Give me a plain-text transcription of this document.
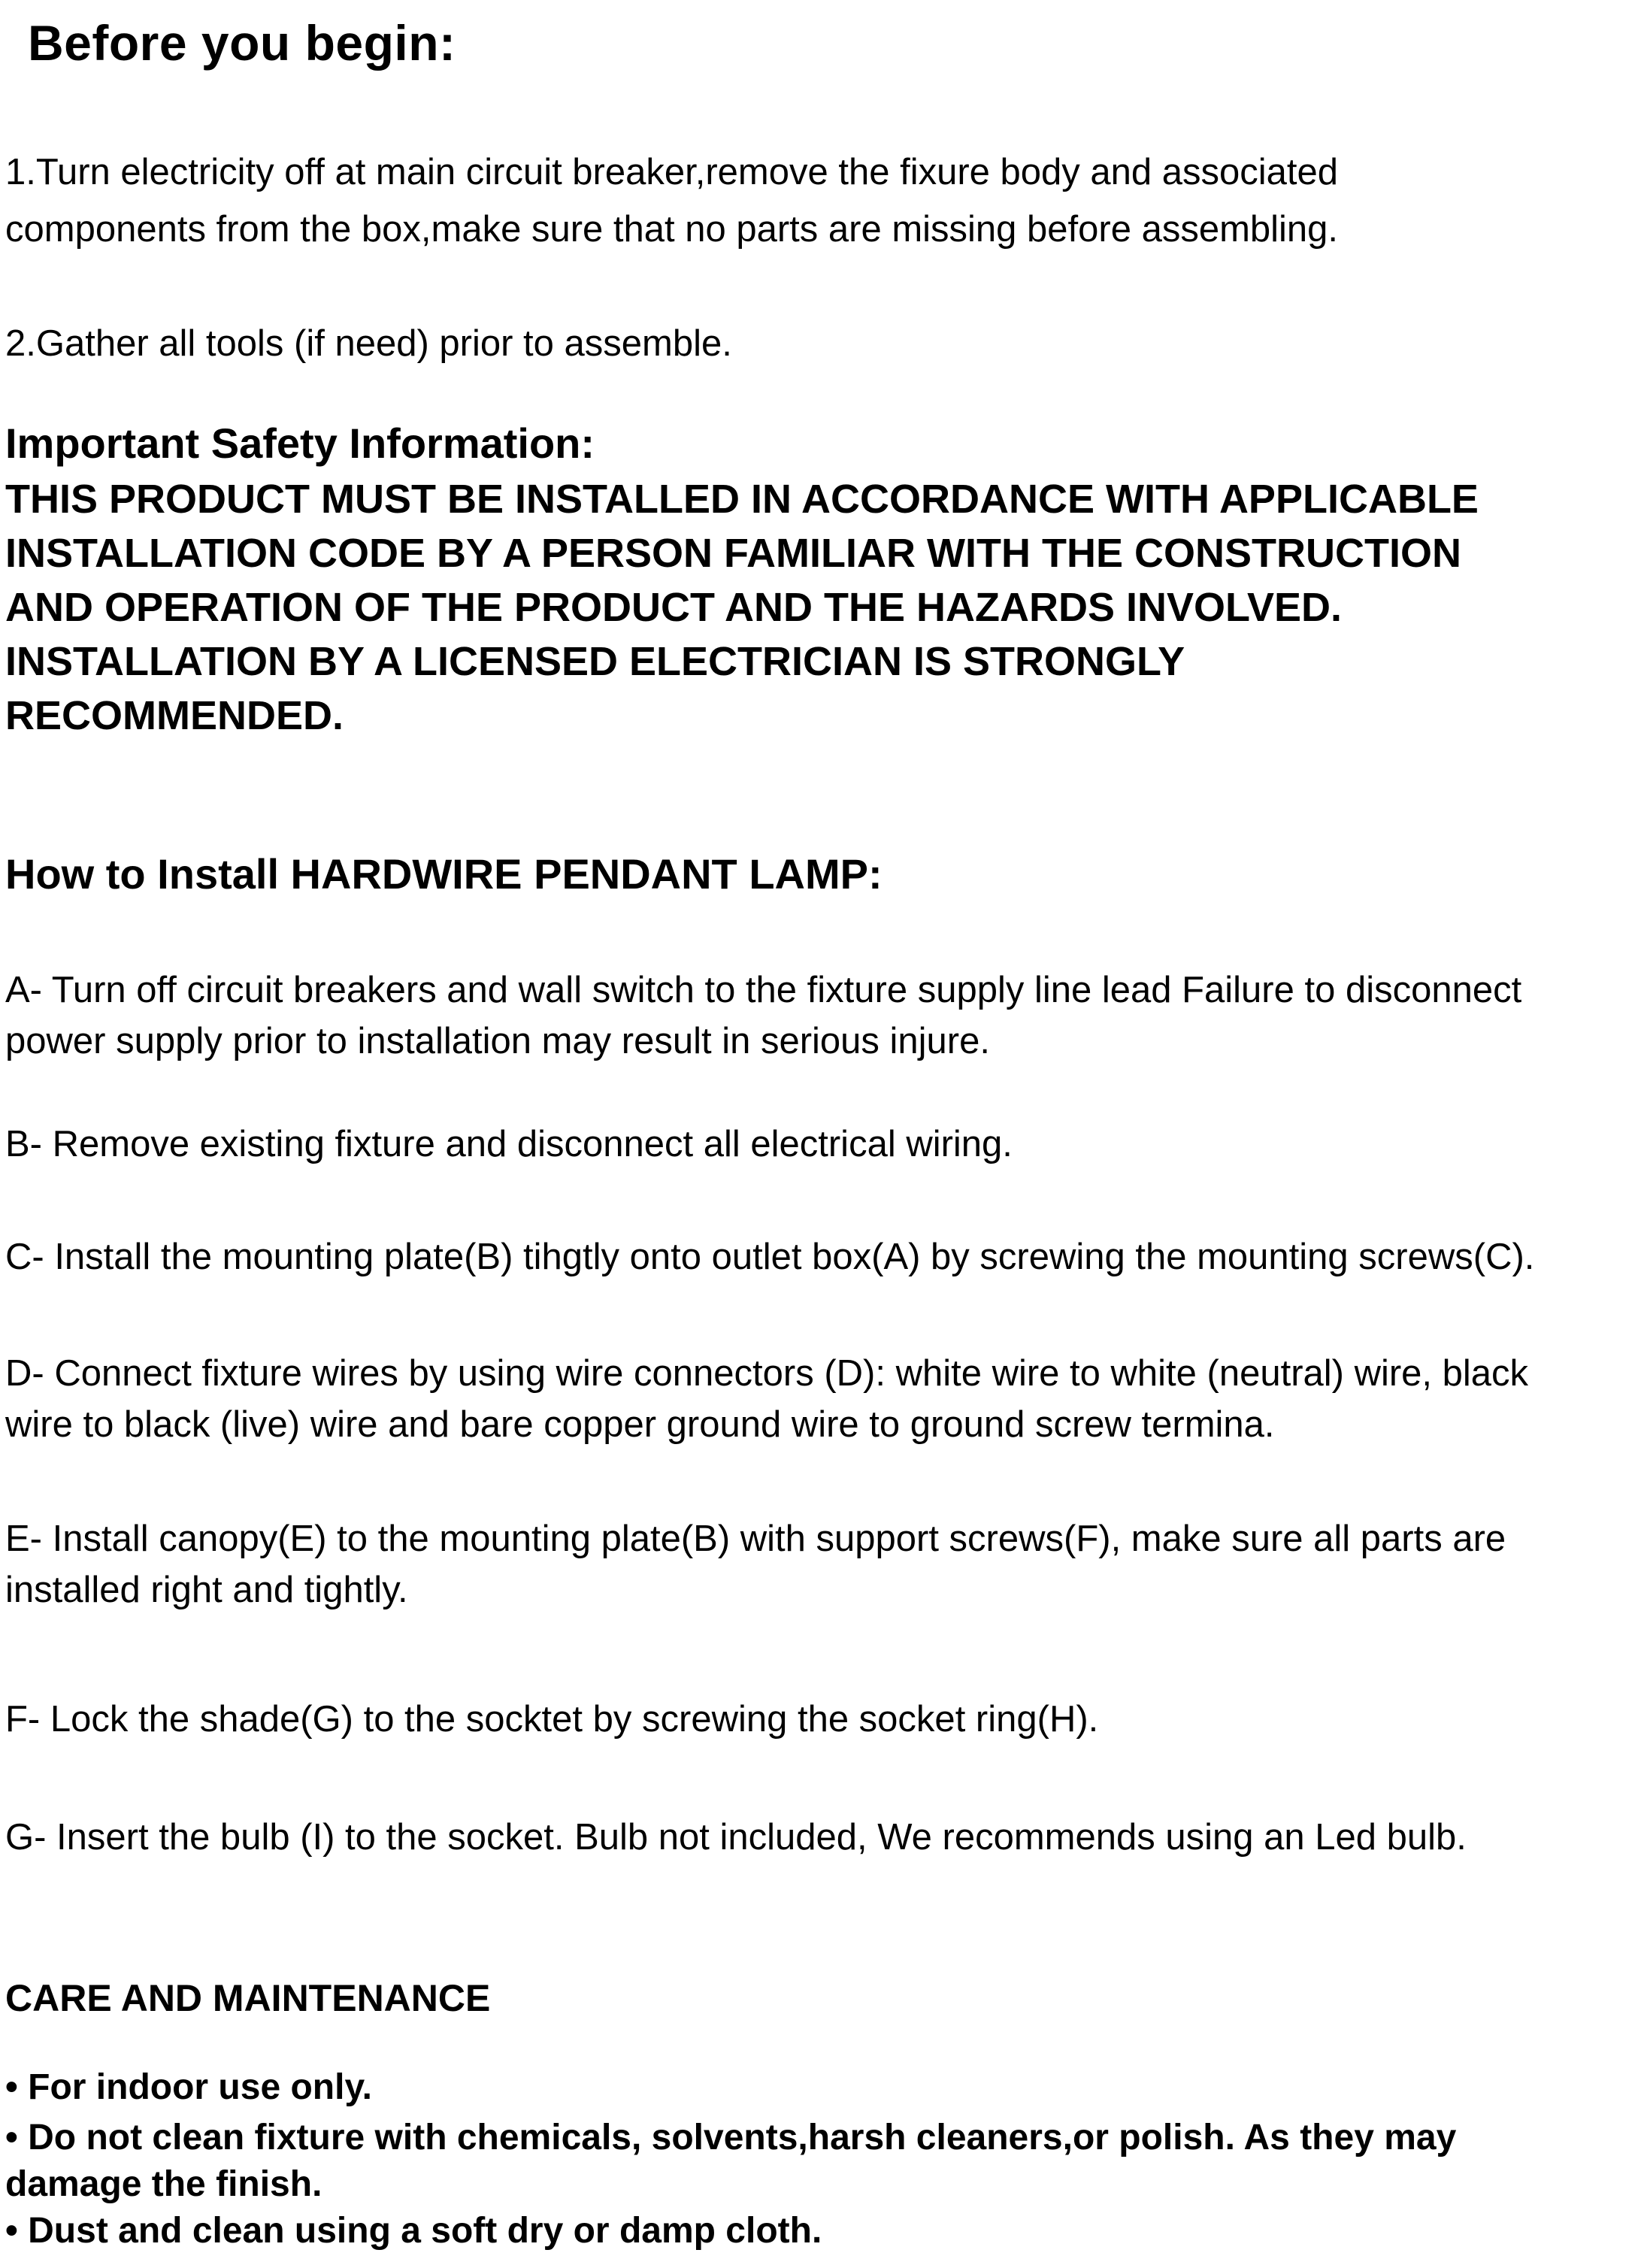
Before you begin:

1.Turn electricity off at main circuit breaker,remove the fixure body and associated components from the box,make sure that no parts are missing before assembling.

2.Gather all tools (if need) prior to assemble.

Important Safety Information:

THIS PRODUCT MUST BE INSTALLED IN ACCORDANCE WITH APPLICABLE INSTALLATION CODE BY A PERSON FAMILIAR WITH THE CONSTRUCTION AND OPERATION OF THE PRODUCT AND THE HAZARDS INVOLVED. INSTALLATION BY A LICENSED ELECTRICIAN IS STRONGLY RECOMMENDED.

How to Install HARDWIRE PENDANT LAMP:

A- Turn off circuit breakers and wall switch to the fixture supply line lead Failure to disconnect power supply prior to installation may result in serious injure.

B- Remove existing fixture and disconnect all electrical wiring.

C- Install the mounting plate(B) tihgtly onto outlet box(A) by screwing the mounting screws(C).

D- Connect fixture wires by using wire connectors (D): white wire to white (neutral) wire, black wire to black (live) wire and bare copper ground wire to ground screw termina.

E- Install canopy(E) to the mounting plate(B) with support screws(F), make sure all parts are installed right and tightly.

F- Lock the shade(G) to the socktet by screwing the socket ring(H).

G- Insert the bulb (I) to the socket. Bulb not included, We recommends using an Led bulb.

CARE AND MAINTENANCE

• For indoor use only.

• Do not clean fixture with chemicals, solvents,harsh cleaners,or polish. As they may damage the finish.

• Dust and clean using a soft dry or damp cloth.
